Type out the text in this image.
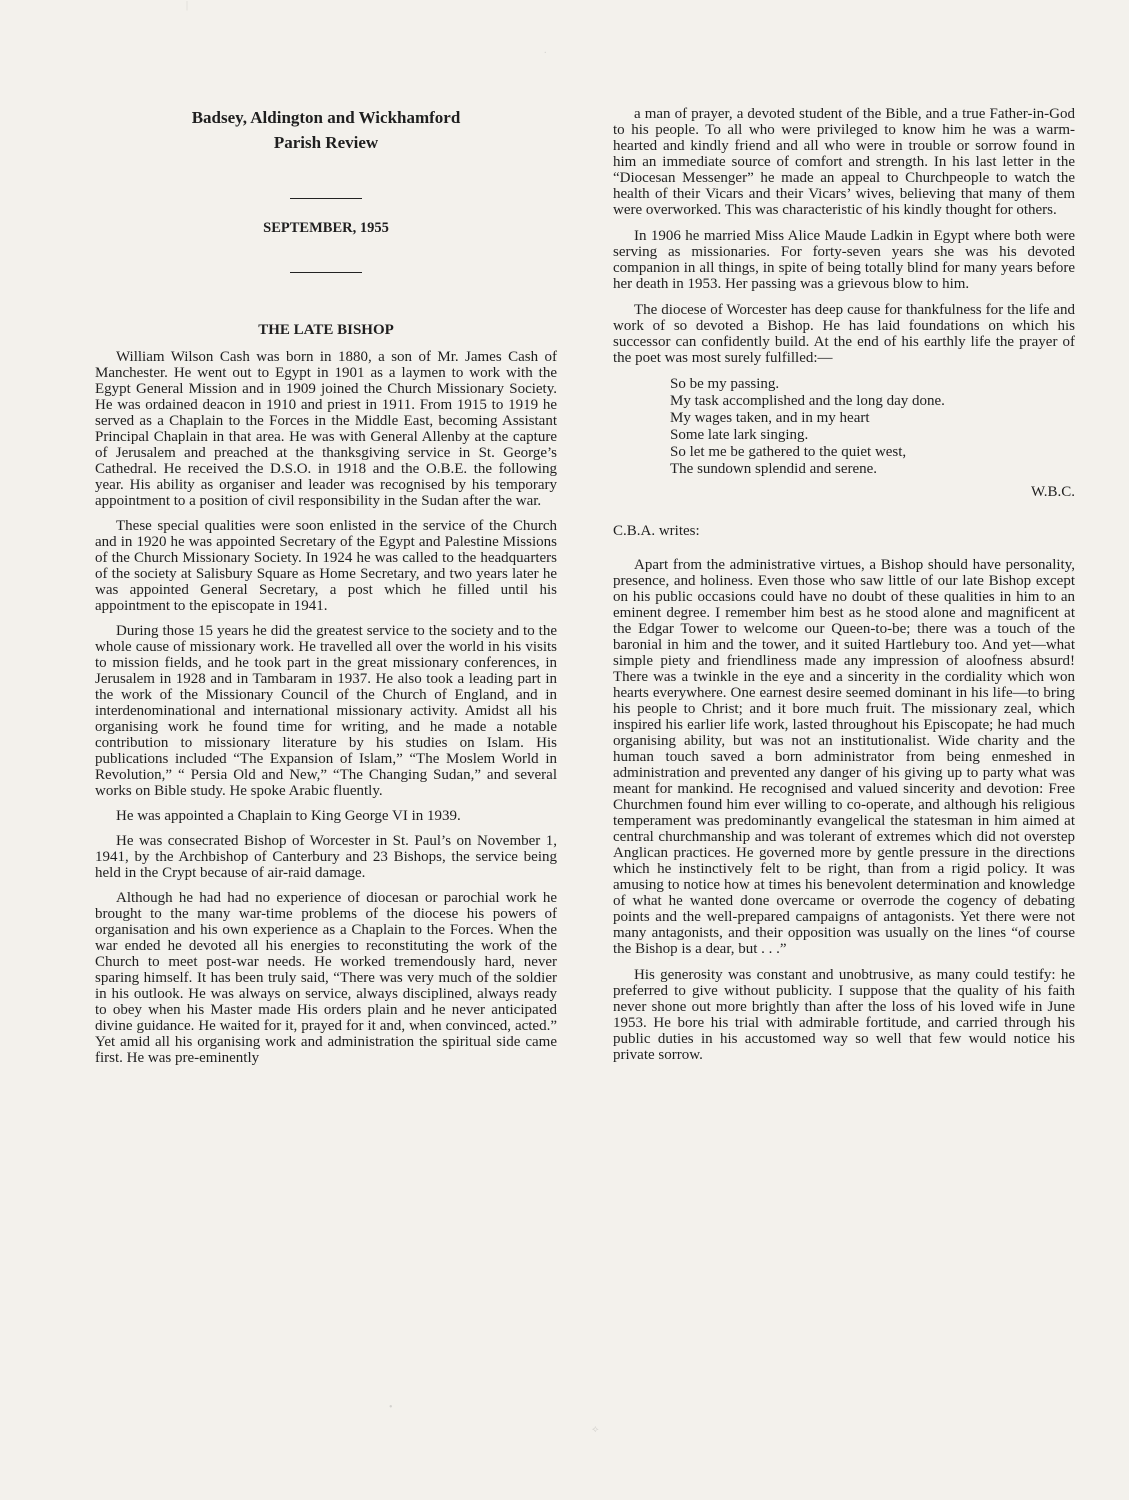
Badsey, Aldington and Wickhamford
Parish Review
SEPTEMBER, 1955
THE LATE BISHOP

William Wilson Cash was born in 1880, a son of Mr. James Cash of Manchester. He went out to Egypt in 1901 as a laymen to work with the Egypt General Mission and in 1909 joined the Church Missionary Society. He was ordained deacon in 1910 and priest in 1911. From 1915 to 1919 he served as a Chaplain to the Forces in the Middle East, becoming Assistant Principal Chaplain in that area. He was with General Allenby at the capture of Jerusalem and preached at the thanksgiving service in St. George’s Cathedral. He received the D.S.O. in 1918 and the O.B.E. the following year. His ability as organiser and leader was recognised by his temporary appointment to a position of civil responsibility in the Sudan after the war.

These special qualities were soon enlisted in the service of the Church and in 1920 he was appointed Secretary of the Egypt and Palestine Missions of the Church Missionary Society. In 1924 he was called to the headquarters of the society at Salisbury Square as Home Secretary, and two years later he was appointed General Secretary, a post which he filled until his appointment to the episcopate in 1941.

During those 15 years he did the greatest service to the society and to the whole cause of missionary work. He travelled all over the world in his visits to mission fields, and he took part in the great missionary conferences, in Jerusalem in 1928 and in Tambaram in 1937. He also took a leading part in the work of the Missionary Council of the Church of England, and in interdenominational and international missionary activity. Amidst all his organising work he found time for writing, and he made a notable contribution to missionary literature by his studies on Islam. His publications included “The Expansion of Islam,” “The Moslem World in Revolution,” “ Persia Old and New,” “The Changing Sudan,” and several works on Bible study. He spoke Arabic fluently.

He was appointed a Chaplain to King George VI in 1939.

He was consecrated Bishop of Worcester in St. Paul’s on November 1, 1941, by the Archbishop of Canterbury and 23 Bishops, the service being held in the Crypt because of air-raid damage.

Although he had had no experience of diocesan or parochial work he brought to the many war-time problems of the diocese his powers of organisation and his own experience as a Chaplain to the Forces. When the war ended he devoted all his energies to reconstituting the work of the Church to meet post-war needs. He worked tremendously hard, never sparing himself. It has been truly said, “There was very much of the soldier in his outlook. He was always on service, always disciplined, always ready to obey when his Master made His orders plain and he never anticipated divine guidance. He waited for it, prayed for it and, when convinced, acted.” Yet amid all his organising work and administration the spiritual side came first. He was pre-eminently

a man of prayer, a devoted student of the Bible, and a true Father-in-God to his people. To all who were privileged to know him he was a warm-hearted and kindly friend and all who were in trouble or sorrow found in him an immediate source of comfort and strength. In his last letter in the “Diocesan Messenger” he made an appeal to Churchpeople to watch the health of their Vicars and their Vicars’ wives, believing that many of them were overworked. This was characteristic of his kindly thought for others.

In 1906 he married Miss Alice Maude Ladkin in Egypt where both were serving as missionaries. For forty-seven years she was his devoted companion in all things, in spite of being totally blind for many years before her death in 1953. Her passing was a grievous blow to him.

The diocese of Worcester has deep cause for thankfulness for the life and work of so devoted a Bishop. He has laid foundations on which his successor can confidently build. At the end of his earthly life the prayer of the poet was most surely fulfilled:—

So be my passing.
My task accomplished and the long day done.
My wages taken, and in my heart
Some late lark singing.
So let me be gathered to the quiet west,
The sundown splendid and serene.
W.B.C.
C.B.A. writes:

Apart from the administrative virtues, a Bishop should have personality, presence, and holiness. Even those who saw little of our late Bishop except on his public occasions could have no doubt of these qualities in him to an eminent degree. I remember him best as he stood alone and magnificent at the Edgar Tower to welcome our Queen-to-be; there was a touch of the baronial in him and the tower, and it suited Hartlebury too. And yet—what simple piety and friendliness made any impression of aloofness absurd! There was a twinkle in the eye and a sincerity in the cordiality which won hearts everywhere. One earnest desire seemed dominant in his life—to bring his people to Christ; and it bore much fruit. The missionary zeal, which inspired his earlier life work, lasted throughout his Episcopate; he had much organising ability, but was not an institutionalist. Wide charity and the human touch saved a born administrator from being enmeshed in administration and prevented any danger of his giving up to party what was meant for mankind. He recognised and valued sincerity and devotion: Free Churchmen found him ever willing to co-operate, and although his religious temperament was predominantly evangelical the statesman in him aimed at central churchmanship and was tolerant of extremes which did not overstep Anglican practices. He governed more by gentle pressure in the directions which he instinctively felt to be right, than from a rigid policy. It was amusing to notice how at times his benevolent determination and knowledge of what he wanted done overcame or overrode the cogency of debating points and the well-prepared campaigns of antagonists. Yet there were not many antagonists, and their opposition was usually on the lines “of course the Bishop is a dear, but . . .”

His generosity was constant and unobtrusive, as many could testify: he preferred to give without publicity. I suppose that the quality of his faith never shone out more brightly than after the loss of his loved wife in June 1953. He bore his trial with admirable fortitude, and carried through his public duties in his accustomed way so well that few would notice his private sorrow.

|
.
•
⟡
